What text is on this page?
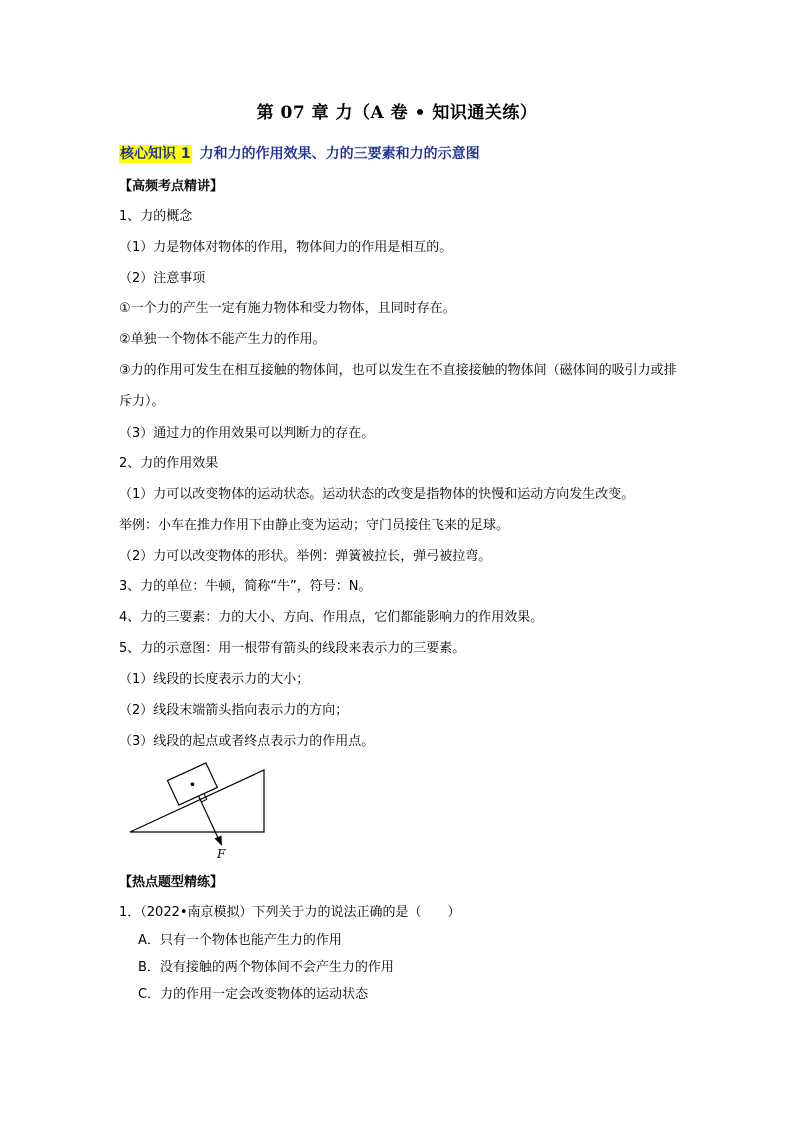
第 07 章 力（A 卷 • 知识通关练）
核心知识 1 力和力的作用效果、力的三要素和力的示意图
【高频考点精讲】
1、力的概念
（1）力是物体对物体的作用，物体间力的作用是相互的。
（2）注意事项
①一个力的产生一定有施力物体和受力物体，且同时存在。
②单独一个物体不能产生力的作用。
③力的作用可发生在相互接触的物体间，也可以发生在不直接接触的物体间（磁体间的吸引力或排斥力）。
（3）通过力的作用效果可以判断力的存在。
2、力的作用效果
（1）力可以改变物体的运动状态。运动状态的改变是指物体的快慢和运动方向发生改变。
举例：小车在推力作用下由静止变为运动；守门员接住飞来的足球。
（2）力可以改变物体的形状。举例：弹簧被拉长，弹弓被拉弯。
3、力的单位：牛顿，简称“牛”，符号：N。
4、力的三要素：力的大小、方向、作用点，它们都能影响力的作用效果。
5、力的示意图：用一根带有箭头的线段来表示力的三要素。
（1）线段的长度表示力的大小；
（2）线段末端箭头指向表示力的方向；
（3）线段的起点或者终点表示力的作用点。
F
【热点题型精练】
1．（2022•南京模拟）下列关于力的说法正确的是（　　）
A．只有一个物体也能产生力的作用
B．没有接触的两个物体间不会产生力的作用
C．力的作用一定会改变物体的运动状态
